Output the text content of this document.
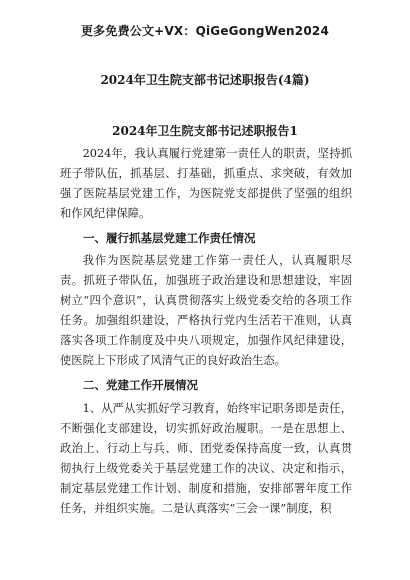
更多免费公文+VX：QiGeGongWen2024
2024年卫生院支部书记述职报告(4篇)
2024年卫生院支部书记述职报告1

2024年，我认真履行党建第一责任人的职责，坚持抓班子带队伍，抓基层、打基础，抓重点、求突破，有效加强了医院基层党建工作，为医院党支部提供了坚强的组织和作风纪律保障。

一、履行抓基层党建工作责任情况

我作为医院基层党建工作第一责任人，认真履职尽责。抓班子带队伍，加强班子政治建设和思想建设，牢固树立“四个意识”，认真贯彻落实上级党委交给的各项工作任务。加强组织建设，严格执行党内生活若干准则，认真落实各项工作制度及中央八项规定，加强作风纪律建设，使医院上下形成了风清气正的良好政治生态。

二、党建工作开展情况

1、从严从实抓好学习教育，始终牢记职务即是责任，不断强化支部建设，切实抓好政治履职。一是在思想上、政治上、行动上与兵、师、团党委保持高度一致，认真贯彻执行上级党委关于基层党建工作的决议、决定和指示，制定基层党建工作计划、制度和措施，安排部署年度工作任务，并组织实施。二是认真落实“三会一课”制度，积
